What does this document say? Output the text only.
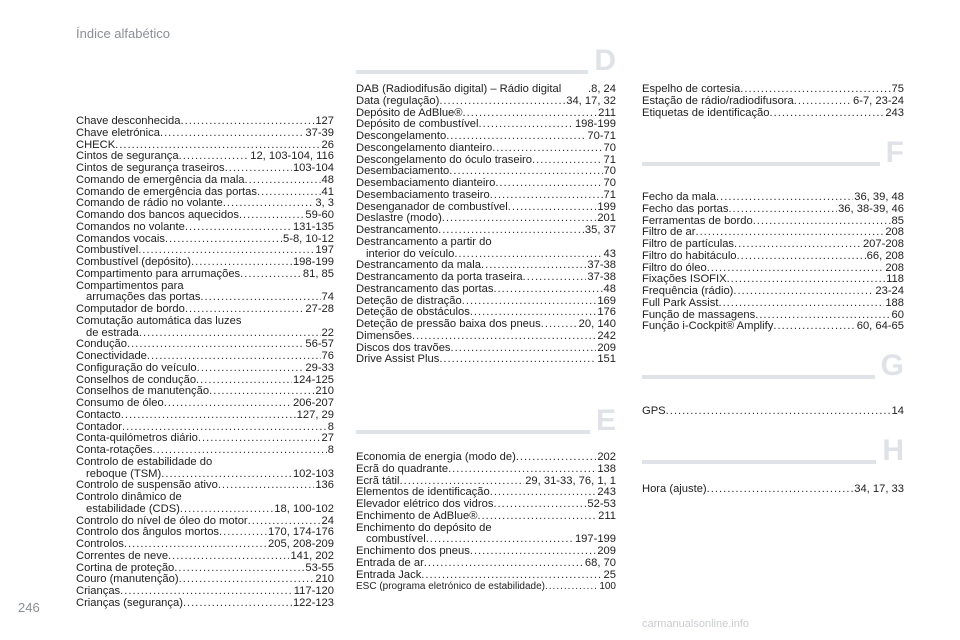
Índice alfabético
D
E
F
G
H
Chave desconhecida .....	127
Chave eletrónica .....	37-39
CHECK .....	26
Cintos de segurança .....	12, 103-104, 116
Cintos de segurança traseiros .....	103-104
Comando de emergência da mala .....	48
Comando de emergência das portas .....	41
Comando de rádio no volante .....	3, 3
Comando dos bancos aquecidos .....	59-60
Comandos no volante .....	131-135
Comandos vocais .....	5-8, 10-12
Combustível .....	197
Combustível (depósito) .....	198-199
Compartimento para arrumações .....	81, 85
Compartimentos para
arrumações das portas .....	74
Computador de bordo .....	27-28
Comutação automática das luzes
de estrada .....	22
Condução .....	56-57
Conectividade .....	76
Configuração do veículo .....	29-33
Conselhos de condução .....	124-125
Conselhos de manutenção .....	210
Consumo de óleo .....	206-207
Contacto .....	127, 29
Contador .....	8
Conta-quilómetros diário .....	27
Conta-rotações .....	8
Controlo de estabilidade do
reboque (TSM) .....	102-103
Controlo de suspensão ativo .....	136
Controlo dinâmico de
estabilidade (CDS) .....	18, 100-102
Controlo do nível de óleo do motor .....	24
Controlo dos ângulos mortos .....	170, 174-176
Controlos .....	205, 208-209
Correntes de neve .....	141, 202
Cortina de proteção .....	53-55
Couro (manutenção) .....	210
Crianças .....	117-120
Crianças (segurança) .....	122-123
DAB (Radiodifusão digital) – Rádio digital .8, 24
Data (regulação) .....	34, 17, 32
Depósito de AdBlue® .....	211
Depósito de combustível .....	198-199
Descongelamento .....	70-71
Descongelamento dianteiro .....	70
Descongelamento do óculo traseiro .....	71
Desembaciamento .....	70
Desembaciamento dianteiro .....	70
Desembaciamento traseiro .....	71
Desenganador de combustível .....	199
Deslastre (modo) .....	201
Destrancamento .....	35, 37
Destrancamento a partir do
interior do veículo .....	43
Destrancamento da mala .....	37-38
Destrancamento da porta traseira .....	37-38
Destrancamento das portas .....	48
Deteção de distração .....	169
Deteção de obstáculos .....	176
Deteção de pressão baixa dos pneus .....	20, 140
Dimensões .....	242
Discos dos travões .....	209
Drive Assist Plus .....	151
Economia de energia (modo de) .....	202
Ecrã do quadrante .....	138
Ecrã tátil .....	29, 31-33, 76, 1, 1
Elementos de identificação .....	243
Elevador elétrico dos vidros .....	52-53
Enchimento de AdBlue® .....	211
Enchimento do depósito de
combustível .....	197-199
Enchimento dos pneus .....	209
Entrada de ar .....	68, 70
Entrada Jack .....	25
ESC (programa eletrónico de estabilidade) .....	100
Espelho de cortesia .....	75
Estação de rádio/radiodifusora .....	6-7, 23-24
Etiquetas de identificação .....	243
Fecho da mala .....	36, 39, 48
Fecho das portas .....	36, 38-39, 46
Ferramentas de bordo .....	85
Filtro de ar .....	208
Filtro de partículas .....	207-208
Filtro do habitáculo .....	66, 208
Filtro do óleo .....	208
Fixações ISOFIX .....	118
Frequência (rádio) .....	23-24
Full Park Assist .....	188
Função de massagens .....	60
Função i-Cockpit® Amplify .....	60, 64-65
GPS .....	14
Hora (ajuste) .....	34, 17, 33
246
carmanualsonline.info
